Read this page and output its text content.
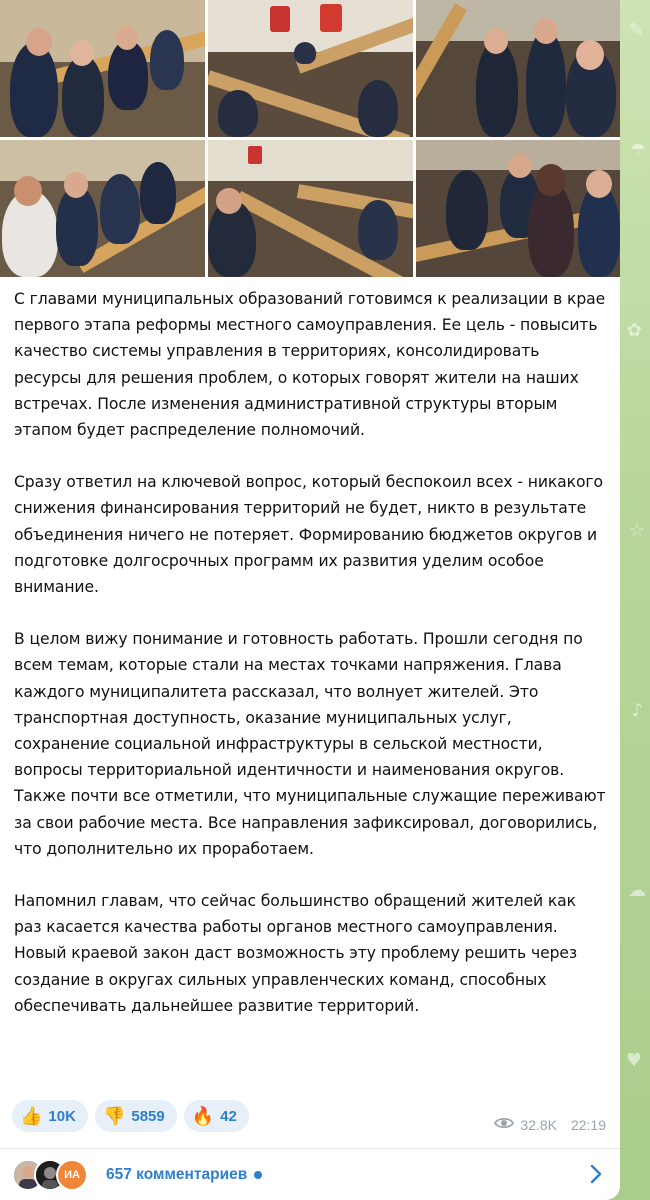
✎
☂
✿
☆
♪
☁
♥

С главами муниципальных образований готовимся к реализации в крае первого этапа реформы местного самоуправления. Ее цель - повысить качество системы управления в территориях, консолидировать ресурсы для решения проблем, о которых говорят жители на наших встречах. После изменения административной структуры вторым этапом будет распределение полномочий.

Сразу ответил на ключевой вопрос, который беспокоил всех - никакого снижения финансирования территорий не будет, никто в результате объединения ничего не потеряет. Формированию бюджетов округов и подготовке долгосрочных программ их развития уделим особое внимание.

В целом вижу понимание и готовность работать. Прошли сегодня по всем темам, которые стали на местах точками напряжения. Глава каждого муниципалитета рассказал, что волнует жителей. Это транспортная доступность, оказание муниципальных услуг, сохранение социальной инфраструктуры в сельской местности, вопросы территориальной идентичности и наименования округов. Также почти все отметили, что муниципальные служащие переживают за свои рабочие места. Все направления зафиксировал, договорились, что дополнительно их проработаем.

Напомнил главам, что сейчас большинство обращений жителей как раз касается качества работы органов местного самоуправления. Новый краевой закон даст возможность эту проблему решить через создание в округах сильных управленческих команд, способных обеспечивать дальнейшее развитие территорий.

👍 10K 👎 5859 🔥 42	32.8K 22:19
ИА 657 комментариев
